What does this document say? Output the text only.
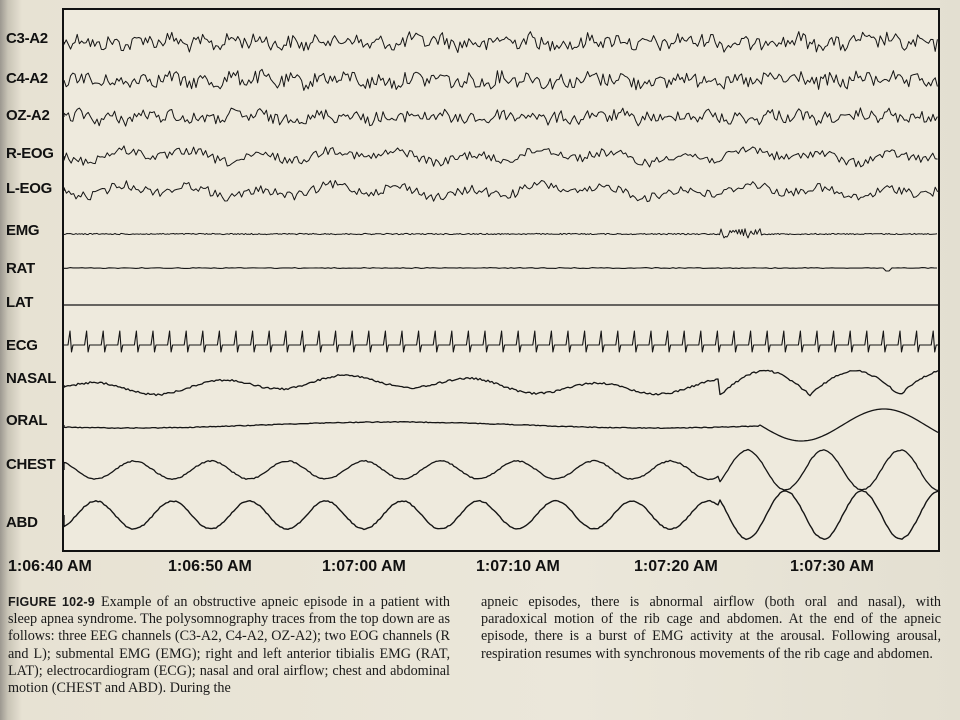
C3-A2
C4-A2
OZ-A2
R-EOG
L-EOG
EMG
RAT
LAT
ECG
NASAL
ORAL
CHEST
ABD
1:06:40 AM	1:06:50 AM	1:07:00 AM	1:07:10 AM	1:07:20 AM	1:07:30 AM
FIGURE 102-9 Example of an obstructive apneic episode in a patient with sleep apnea syndrome. The polysomnography traces from the top down are as follows: three EEG channels (C3-A2, C4-A2, OZ-A2); two EOG channels (R and L); submental EMG (EMG); right and left anterior tibialis EMG (RAT, LAT); electrocardiogram (ECG); nasal and oral airflow; chest and abdominal motion (CHEST and ABD). During the
apneic episodes, there is abnormal airflow (both oral and nasal), with paradoxical motion of the rib cage and abdomen. At the end of the apneic episode, there is a burst of EMG activity at the arousal. Following arousal, respiration resumes with synchronous movements of the rib cage and abdomen.
